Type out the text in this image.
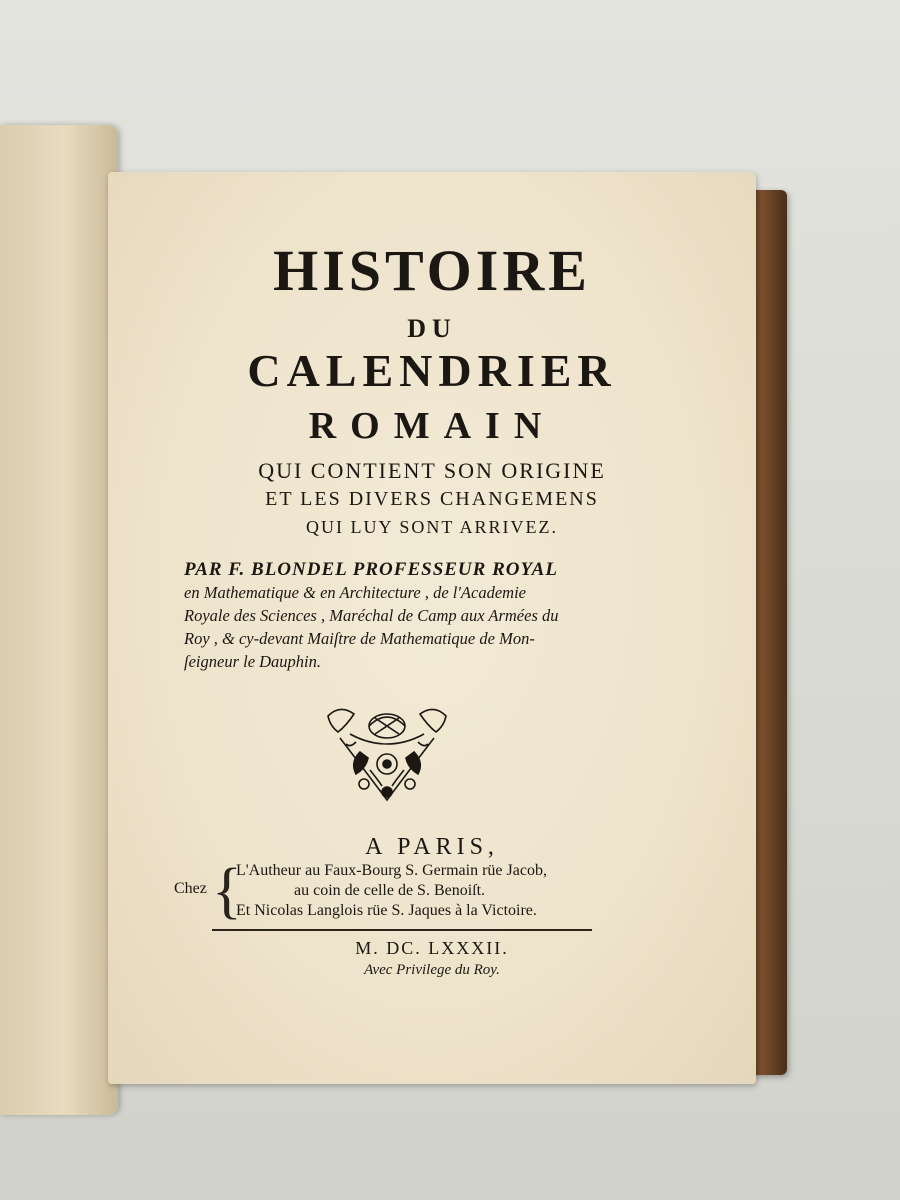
HISTOIRE
DU
CALENDRIER
ROMAIN
QUI CONTIENT SON ORIGINE
ET LES DIVERS CHANGEMENS
QUI LUY SONT ARRIVEZ.
PAR F. BLONDEL PROFESSEUR ROYAL
en Mathematique & en Architecture , de l'Academie
Royale des Sciences , Maréchal de Camp aux Armées du
Roy , & cy-devant Maiſtre de Mathematique de Mon-
ſeigneur le Dauphin.
A PARIS,
Chez {
L'Autheur au Faux-Bourg S. Germain rüe Jacob,
au coin de celle de S. Benoiſt.
Et Nicolas Langlois rüe S. Jaques à la Victoire.
M. DC. LXXXII.
Avec Privilege du Roy.
